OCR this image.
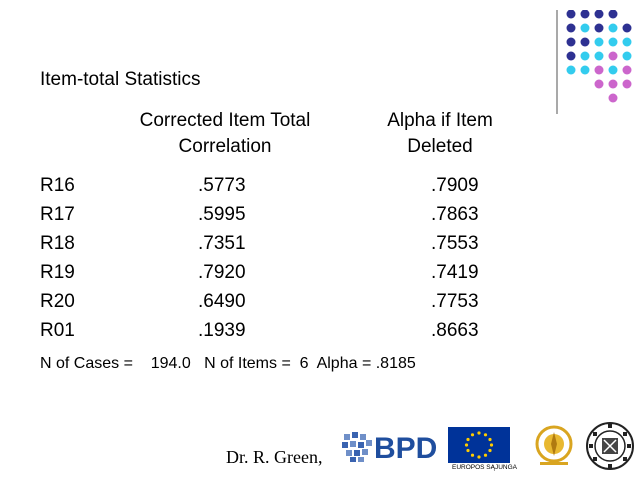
Item-total Statistics
Corrected Item Total
Correlation
Alpha if Item
Deleted
R16	.5773	.7909
R17	.5995	.7863
R18	.7351	.7553
R19	.7920	.7419
R20	.6490	.7753
R01	.1939	.8663
N of Cases =    194.0   N of Items =  6  Alpha = .8185
Dr. R. Green, BPD
EUROPOS SĄJUNGA
